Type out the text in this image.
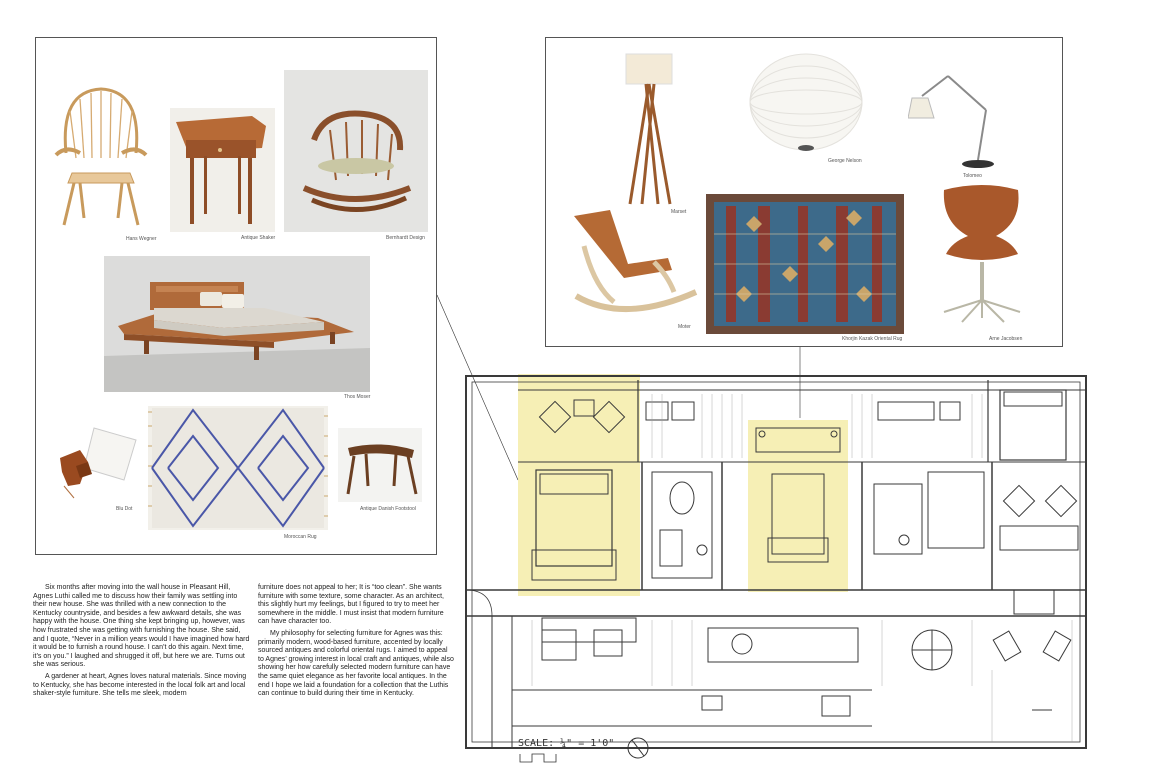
Hans Wegner	Antique Shaker	Bernhardt Design
Thos Moser
Blu Dot
Moroccan Rug
Antique Danish Footstool
Marset
George Nelson
Tolomeo
Moter
Khorjin Kazak Oriental Rug	Arne Jacobsen

Six months after moving into the wall house in Pleasant Hill, Agnes Luthi called me to discuss how their family was settling into their new house. She was thrilled with a new connection to the Kentucky countryside, and besides a few awkward details, she was happy with the house. One thing she kept bringing up, however, was how frustrated she was getting with furnishing the house. She said, and I quote, “Never in a million years would I have imagined how hard it would be to furnish a round house. I can’t do this again. Next time, it’s on you.” I laughed and shrugged it off, but here we are. Turns out she was serious.

A gardener at heart, Agnes loves natural materials. Since moving to Kentucky, she has become interested in the local folk art and local shaker-style furniture. She tells me sleek, modern

furniture does not appeal to her; It is “too clean”. She wants furniture with some texture, some character. As an architect, this slightly hurt my feelings, but I figured to try to meet her somewhere in the middle. I must insist that modern furniture can have character too.

My philosophy for selecting furniture for Agnes was this: primarily modern, wood-based furniture, accented by locally sourced antiques and colorful oriental rugs. I aimed to appeal to Agnes’ growing interest in local craft and antiques, while also showing her how carefully selected modern furniture can have the same quiet elegance as her favorite local antiques. In the end I hope we laid a foundation for a collection that the Luthis can continue to build during their time in Kentucky.

SCALE: ¼" = 1'0"
